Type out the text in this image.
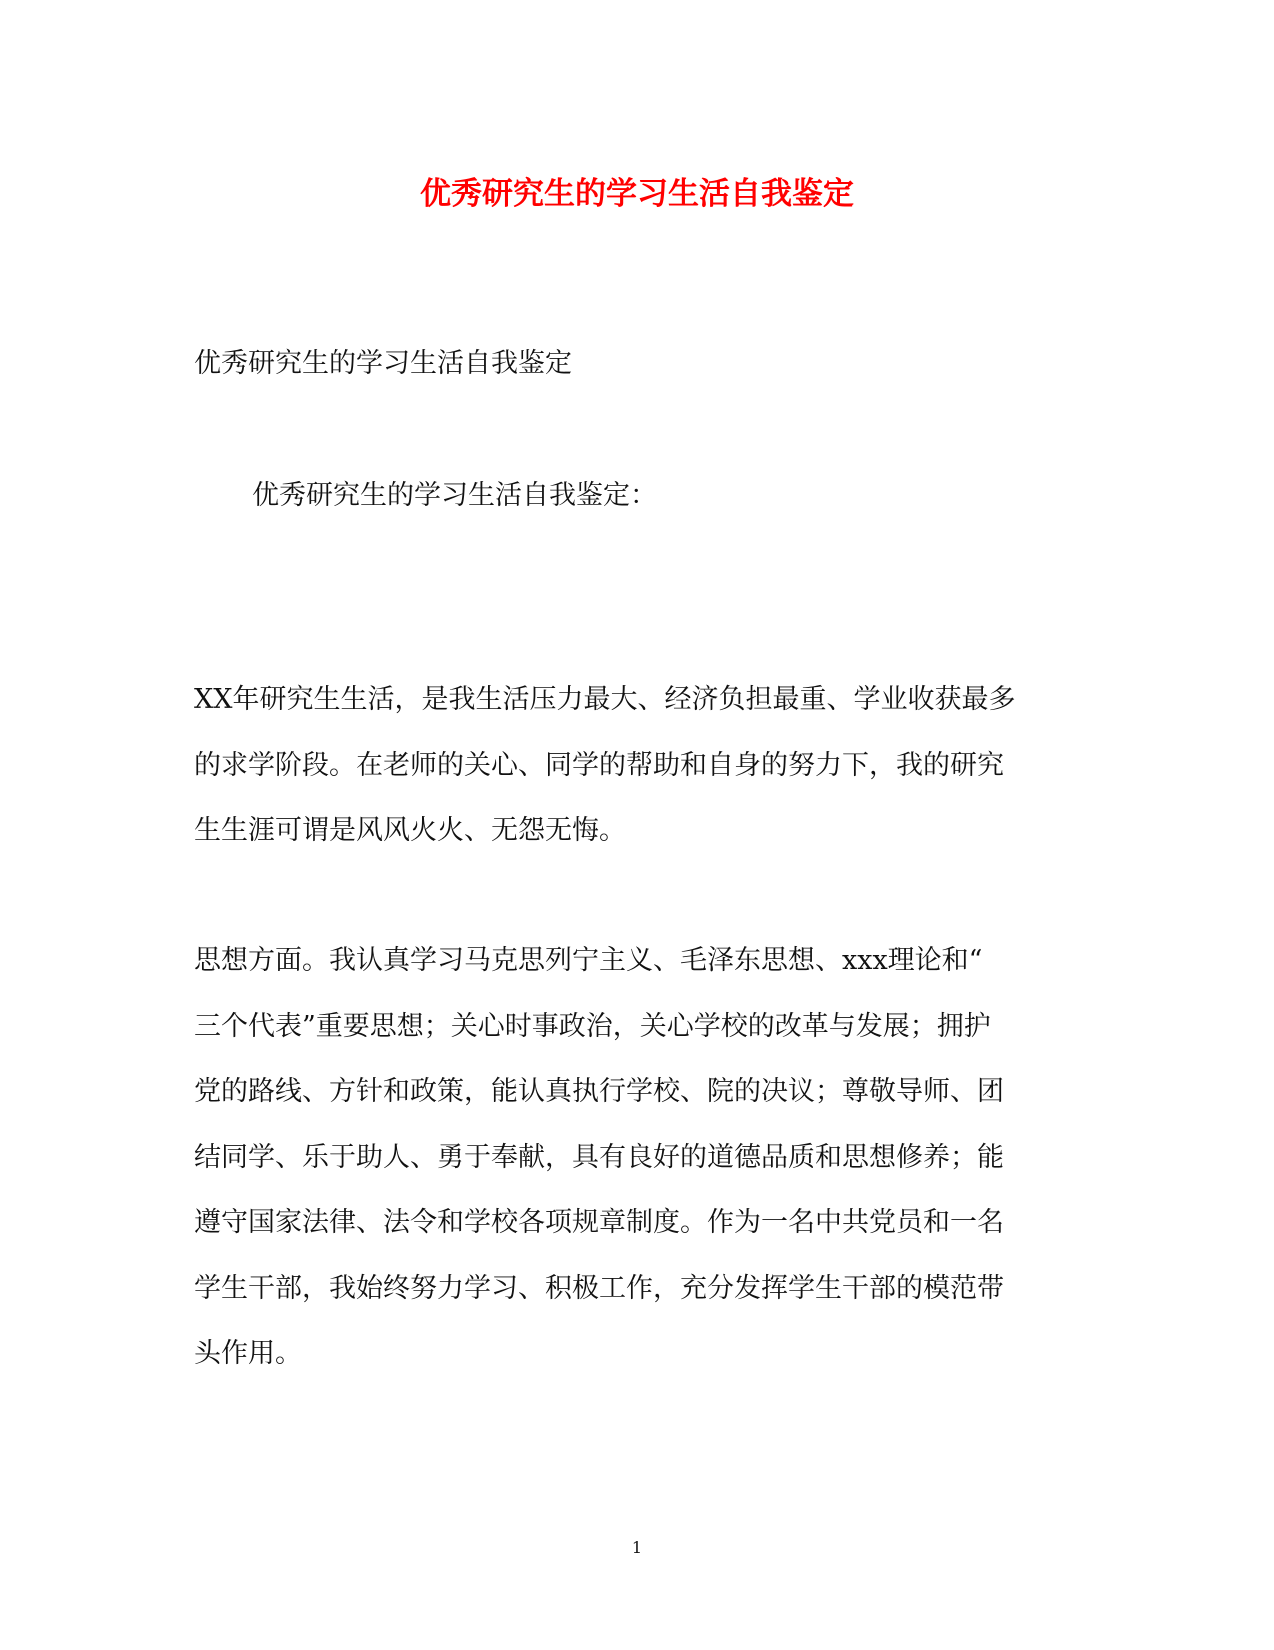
优秀研究生的学习生活自我鉴定

优秀研究生的学习生活自我鉴定

优秀研究生的学习生活自我鉴定：

XX年研究生生活，是我生活压力最大、经济负担最重、学业收获最多
的求学阶段。在老师的关心、同学的帮助和自身的努力下，我的研究
生生涯可谓是风风火火、无怨无悔。
思想方面。我认真学习马克思列宁主义、毛泽东思想、xxx理论和“
三个代表”重要思想；关心时事政治，关心学校的改革与发展；拥护
党的路线、方针和政策，能认真执行学校、院的决议；尊敬导师、团
结同学、乐于助人、勇于奉献，具有良好的道德品质和思想修养；能
遵守国家法律、法令和学校各项规章制度。作为一名中共党员和一名
学生干部，我始终努力学习、积极工作，充分发挥学生干部的模范带
头作用。
1
